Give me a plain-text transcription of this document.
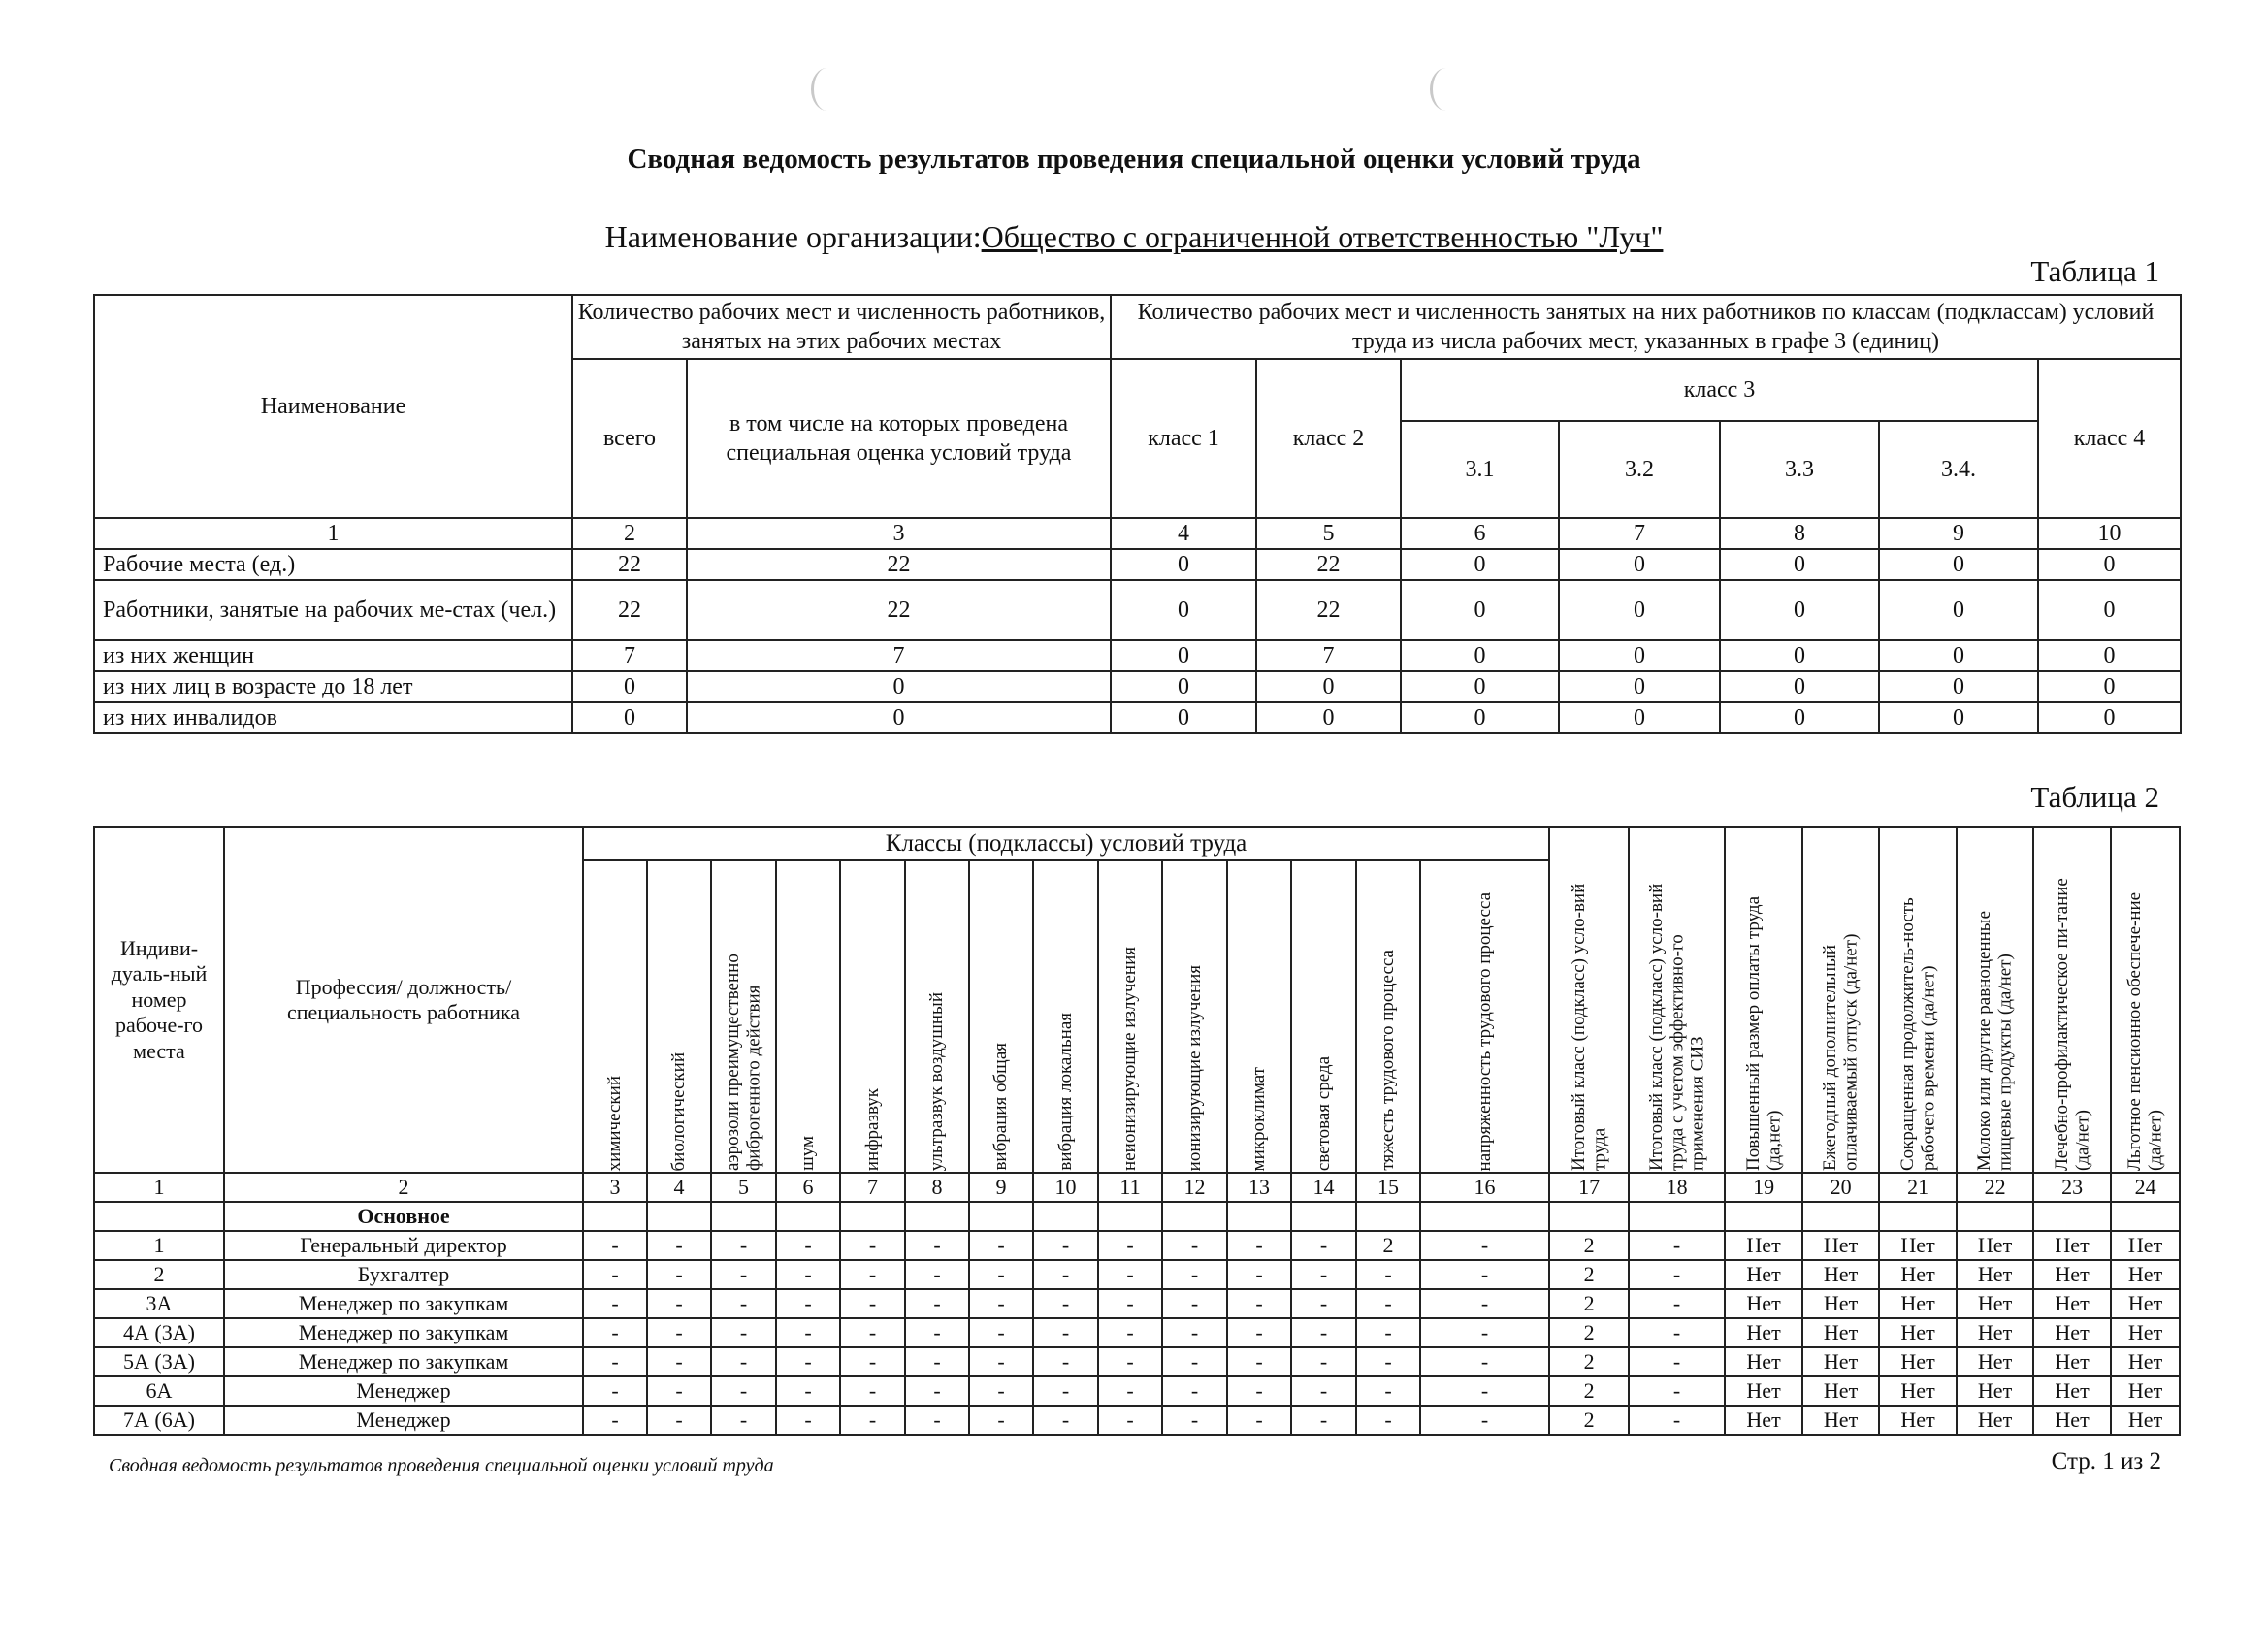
Сводная ведомость результатов проведения специальной оценки условий труда
Наименование организации:Общество с ограниченной ответственностью "Луч"
Таблица 1
Наименование	Количество рабочих мест и численность работников, занятых на этих рабочих местах		Количество рабочих мест и численность занятых на них работников по классам (подклассам) условий труда из числа рабочих мест, указанных в графе 3 (единиц)						
	всего	в том числе на которых проведена специальная оценка условий труда	класс 1	класс 2	класс 3				класс 4
					3.1	3.2	3.3	3.4.	
1	2	3	4	5	6	7	8	9	10
Рабочие места (ед.)	22	22	0	22	0	0	0	0	0
Работники, занятые на рабочих ме-стах (чел.)	22	22	0	22	0	0	0	0	0
из них женщин	7	7	0	7	0	0	0	0	0
из них лиц в возрасте до 18 лет	0	0	0	0	0	0	0	0	0
из них инвалидов	0	0	0	0	0	0	0	0	0
Таблица 2
Индиви-дуаль-ный номер рабоче-го места	Профессия/ должность/ специальность работника	Классы (подклассы) условий труда														Итоговый класс (подкласс) усло-вий труда	Итоговый класс (подкласс) усло-вий труда с учетом эффективно-го применения СИЗ	Повышенный размер оплаты труда (да,нет)	Ежегодный дополнительный оплачиваемый отпуск (да/нет)	Сокращенная продолжитель-ность рабочего времени (да/нет)	Молоко или другие равноценные пищевые продукты (да/нет)	Лечебно-профилактическое пи-тание (да/нет)	Льготное пенсионное обеспече-ние (да/нет)

		химический	биологический	аэрозоли преимущественно фиброгенного действия	шум	инфразвук	ультразвук воздушный	вибрация общая	вибрация локальная	неионизирующие излучения	ионизирующие излучения	микроклимат	световая среда	тяжесть трудового процесса	напряженность трудового процесса								

1	2	3	4	5	6	7	8	9	10	11	12	13	14	15	16	17	18	19	20	21	22	23	24
	Основное																						
1	Генеральный директор	-	-	-	-	-	-	-	-	-	-	-	-	2	-	2	-	Нет	Нет	Нет	Нет	Нет	Нет
2	Бухгалтер	-	-	-	-	-	-	-	-	-	-	-	-	-	-	2	-	Нет	Нет	Нет	Нет	Нет	Нет
3А	Менеджер по закупкам	-	-	-	-	-	-	-	-	-	-	-	-	-	-	2	-	Нет	Нет	Нет	Нет	Нет	Нет
4А (3А)	Менеджер по закупкам	-	-	-	-	-	-	-	-	-	-	-	-	-	-	2	-	Нет	Нет	Нет	Нет	Нет	Нет
5А (3А)	Менеджер по закупкам	-	-	-	-	-	-	-	-	-	-	-	-	-	-	2	-	Нет	Нет	Нет	Нет	Нет	Нет
6А	Менеджер	-	-	-	-	-	-	-	-	-	-	-	-	-	-	2	-	Нет	Нет	Нет	Нет	Нет	Нет
7А (6А)	Менеджер	-	-	-	-	-	-	-	-	-	-	-	-	-	-	2	-	Нет	Нет	Нет	Нет	Нет	Нет
Сводная ведомость результатов проведения специальной оценки условий труда	Стр. 1 из 2
